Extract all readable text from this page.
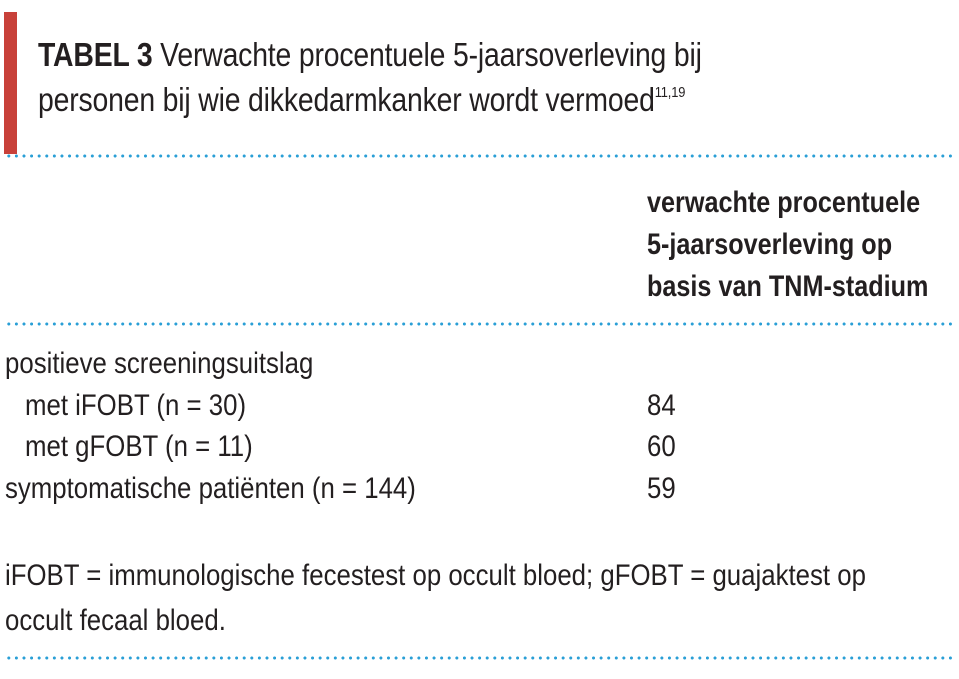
TABEL 3 Verwachte procentuele 5-jaarsoverleving bij personen bij wie dikkedarmkanker wordt vermoed$^{11,19}$
verwachte procentuele 5-jaarsoverleving op basis van TNM-stadium
positieve screeningsuitslag
met iFOBT (n = 30)	84
met gFOBT (n = 11)	60
symptomatische patiënten (n = 144)	59
iFOBT = immunologische fecestest op occult bloed; gFOBT = guajaktest op occult fecaal bloed.
